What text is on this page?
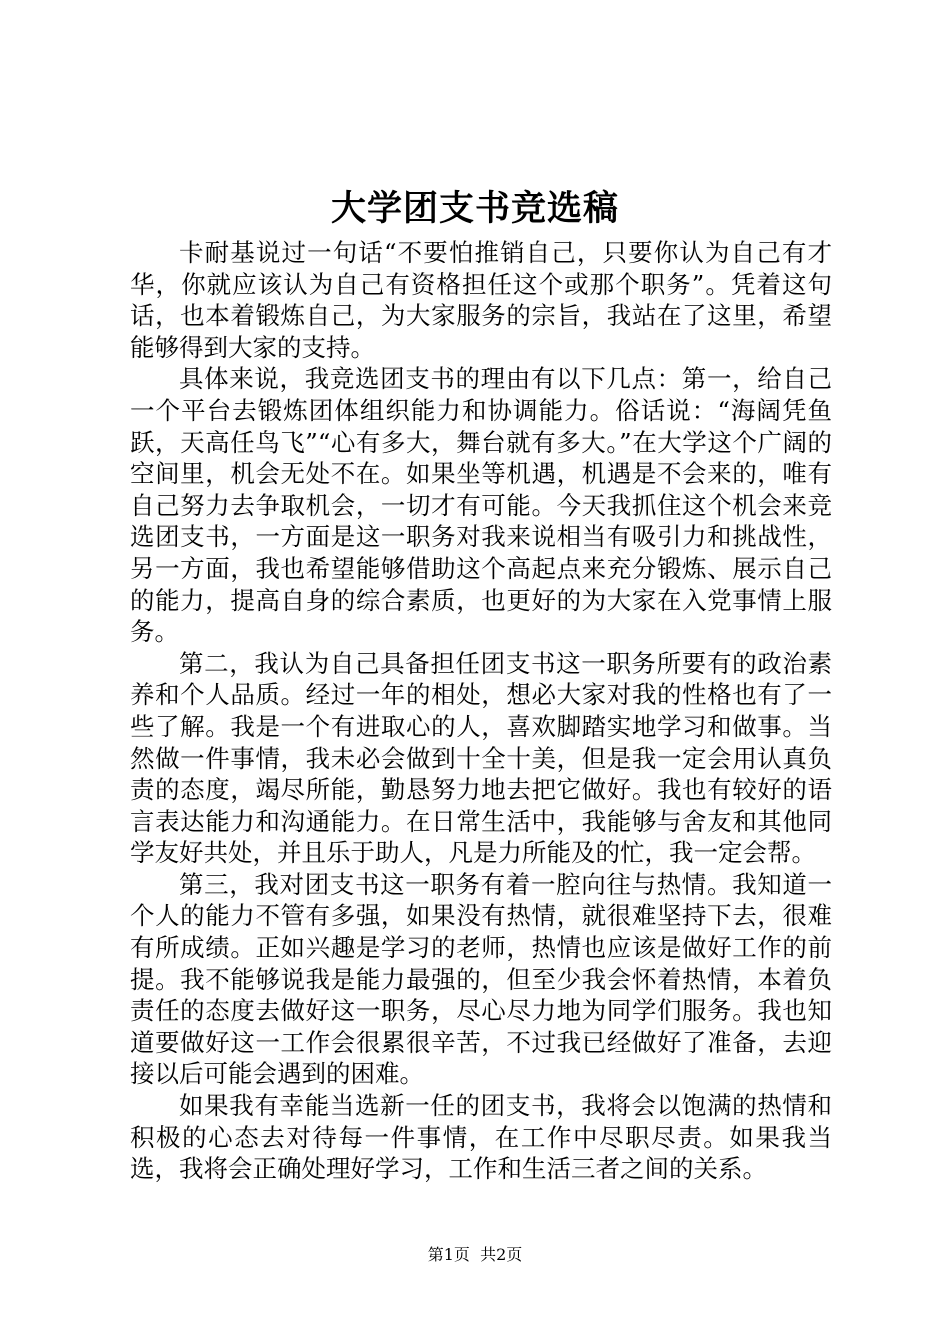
大学团支书竞选稿

卡耐基说过一句话“不要怕推销自己，只要你认为自己有才华，你就应该认为自己有资格担任这个或那个职务”。凭着这句话，也本着锻炼自己，为大家服务的宗旨，我站在了这里，希望能够得到大家的支持。

具体来说，我竞选团支书的理由有以下几点：第一，给自己一个平台去锻炼团体组织能力和协调能力。俗话说：“海阔凭鱼跃，天高任鸟飞”“心有多大，舞台就有多大。”在大学这个广阔的空间里，机会无处不在。如果坐等机遇，机遇是不会来的，唯有自己努力去争取机会，一切才有可能。今天我抓住这个机会来竞选团支书，一方面是这一职务对我来说相当有吸引力和挑战性，另一方面，我也希望能够借助这个高起点来充分锻炼、展示自己的能力，提高自身的综合素质，也更好的为大家在入党事情上服务。

第二，我认为自己具备担任团支书这一职务所要有的政治素养和个人品质。经过一年的相处，想必大家对我的性格也有了一些了解。我是一个有进取心的人，喜欢脚踏实地学习和做事。当然做一件事情，我未必会做到十全十美，但是我一定会用认真负责的态度，竭尽所能，勤恳努力地去把它做好。我也有较好的语言表达能力和沟通能力。在日常生活中，我能够与舍友和其他同学友好共处，并且乐于助人，凡是力所能及的忙，我一定会帮。

第三，我对团支书这一职务有着一腔向往与热情。我知道一个人的能力不管有多强，如果没有热情，就很难坚持下去，很难有所成绩。正如兴趣是学习的老师，热情也应该是做好工作的前提。我不能够说我是能力最强的，但至少我会怀着热情，本着负责任的态度去做好这一职务，尽心尽力地为同学们服务。我也知道要做好这一工作会很累很辛苦，不过我已经做好了准备，去迎接以后可能会遇到的困难。

如果我有幸能当选新一任的团支书，我将会以饱满的热情和积极的心态去对待每一件事情，在工作中尽职尽责。如果我当选，我将会正确处理好学习，工作和生活三者之间的关系。

第1页  共2页
